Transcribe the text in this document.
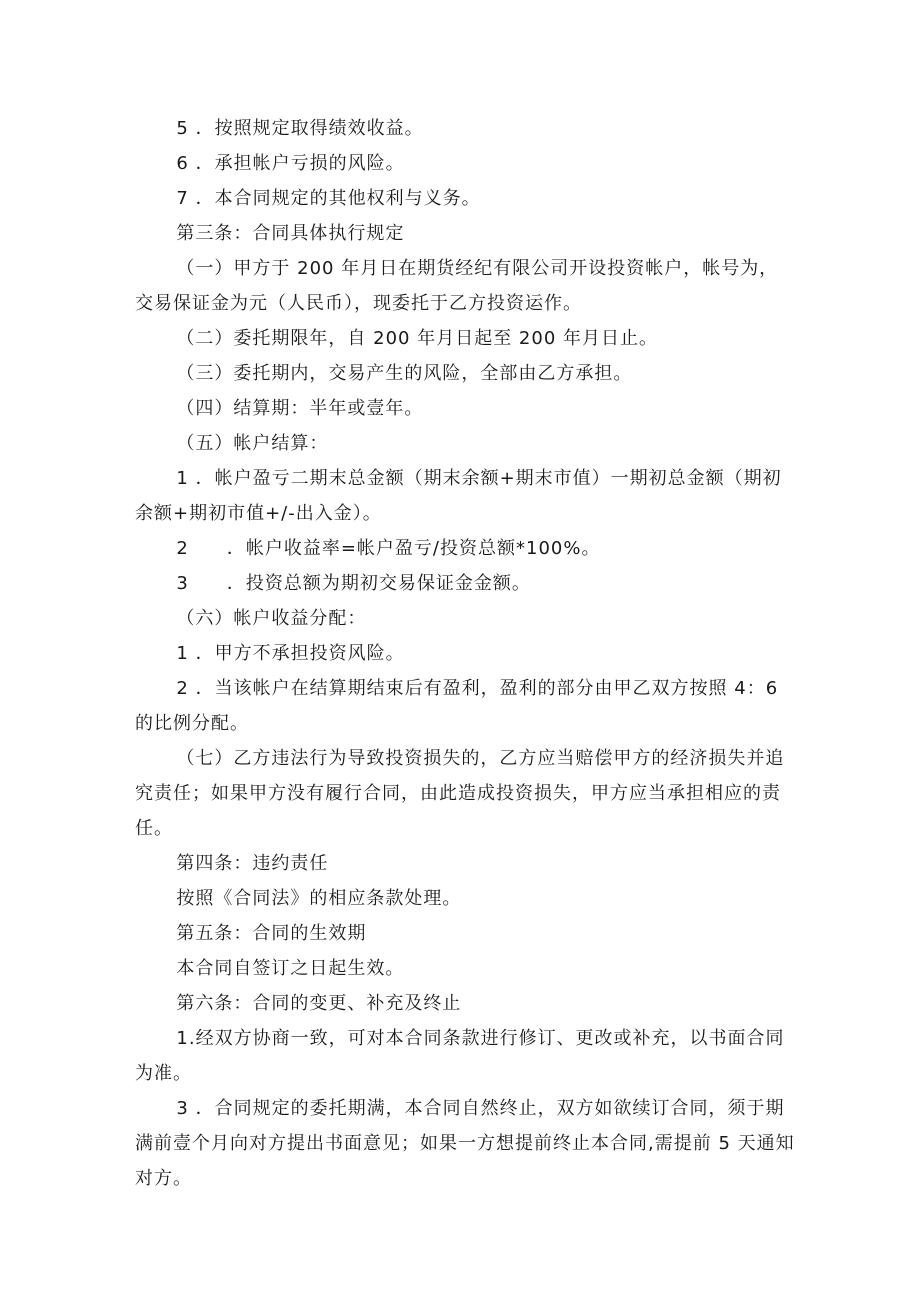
5 ．按照规定取得绩效收益。

6 ．承担帐户亏损的风险。

7 ．本合同规定的其他权利与义务。

第三条：合同具体执行规定

（一）甲方于 200 年月日在期货经纪有限公司开设投资帐户，帐号为，交易保证金为元（人民币），现委托于乙方投资运作。

（二）委托期限年，自 200 年月日起至 200 年月日止。

（三）委托期内，交易产生的风险，全部由乙方承担。

（四）结算期：半年或壹年。

（五）帐户结算：

1 ．帐户盈亏二期末总金额（期末余额+期末市值）一期初总金额（期初余额+期初市值+/-出入金）。

2　　．帐户收益率=帐户盈亏/投资总额*100%。

3　　．投资总额为期初交易保证金金额。

（六）帐户收益分配：

1 ．甲方不承担投资风险。

2 ．当该帐户在结算期结束后有盈利，盈利的部分由甲乙双方按照 4：6 的比例分配。

（七）乙方违法行为导致投资损失的，乙方应当赔偿甲方的经济损失并追究责任；如果甲方没有履行合同，由此造成投资损失，甲方应当承担相应的责任。

第四条：违约责任

按照《合同法》的相应条款处理。

第五条：合同的生效期

本合同自签订之日起生效。

第六条：合同的变更、补充及终止

1.经双方协商一致，可对本合同条款进行修订、更改或补充，以书面合同为准。

3 ．合同规定的委托期满，本合同自然终止，双方如欲续订合同，须于期满前壹个月向对方提出书面意见；如果一方想提前终止本合同,需提前 5 天通知对方。
